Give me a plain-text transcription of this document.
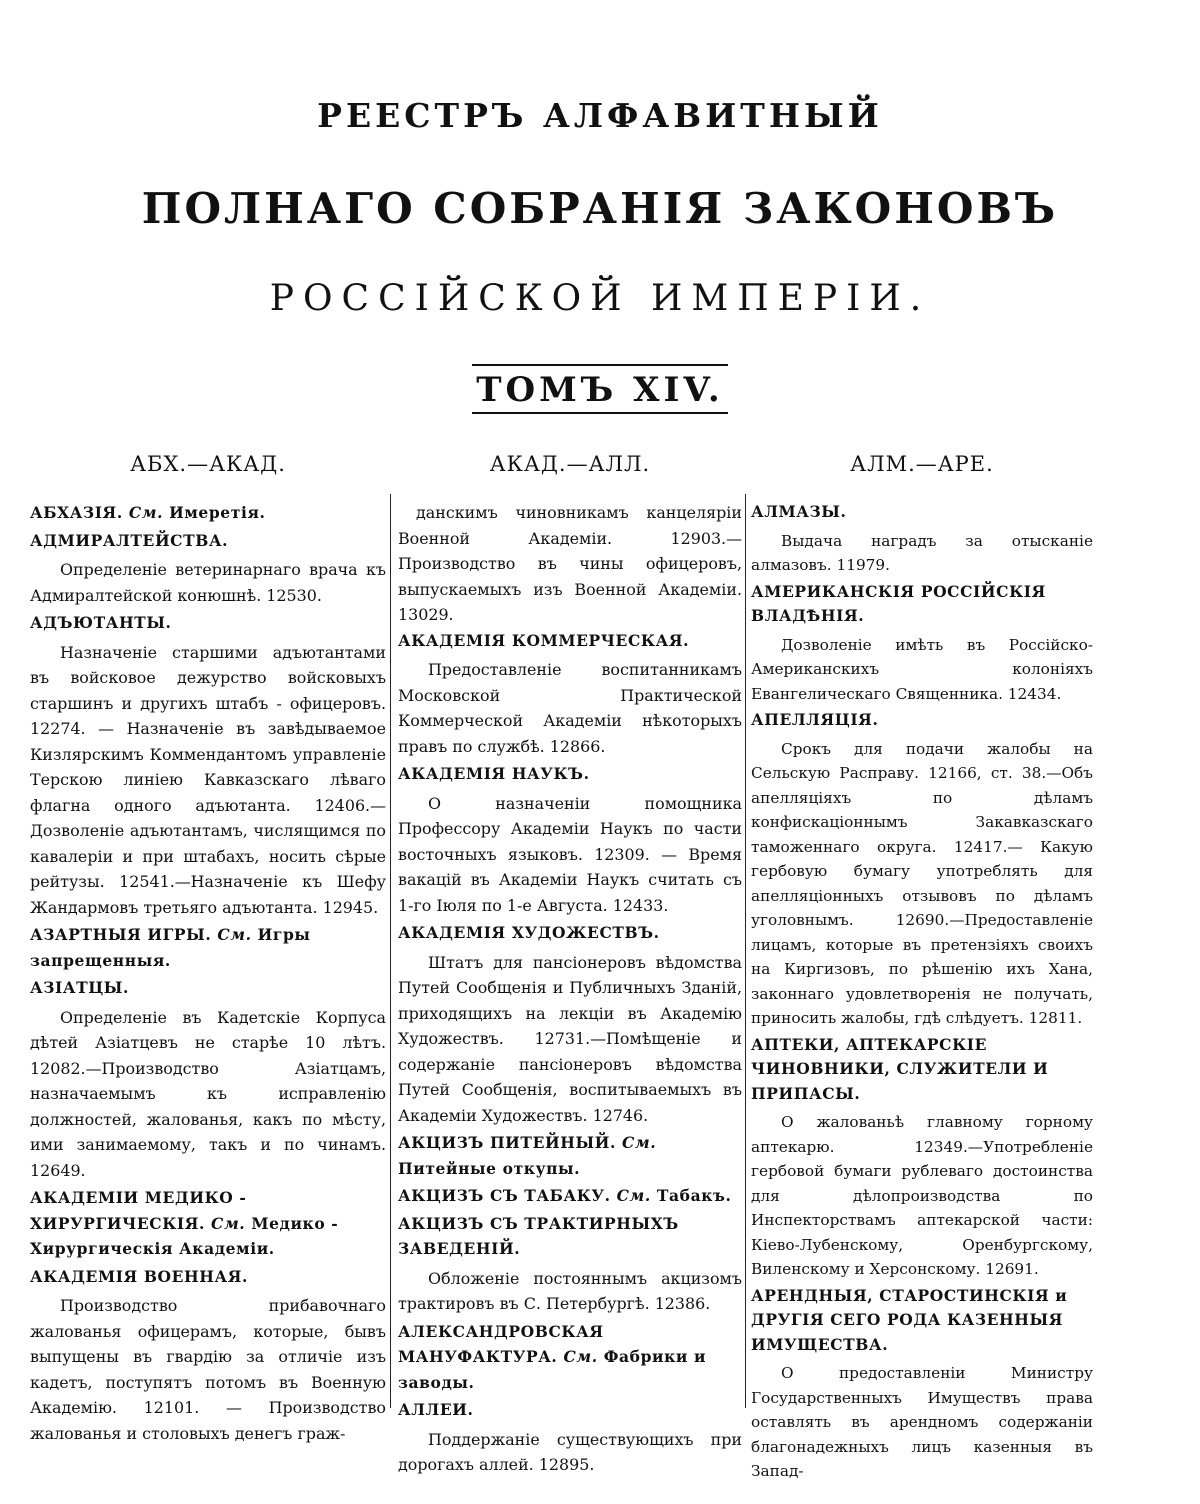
РЕЕСТРЪ АЛФАВИТНЫЙ
ПОЛНАГО СОБРАНIЯ ЗАКОНОВЪ
РОССIЙСКОЙ ИМПЕРIИ.
ТОМЪ XIV.
АБХ.—АКАД.	АКАД.—АЛЛ.	АЛМ.—АРЕ.
АБХАЗIЯ. См. Имеретiя.
АДМИРАЛТЕЙСТВА.
Определенiе ветеринарнаго врача къ Адмиралтейской конюшнѣ. 12530.
АДЪЮТАНТЫ.
Назначенiе старшими адъютантами въ войсковое дежурство войсковыхъ старшинъ и другихъ штабъ - офицеровъ. 12274. — Назначенiе въ завѣдываемое Кизлярскимъ Коммендантомъ управленiе Терскою линiею Кавказскаго лѣваго флагна одного адъютанта. 12406.—Дозволенiе адъютантамъ, числящимся по кавалерiи и при штабахъ, носить сѣрые рейтузы. 12541.—Назначенiе къ Шефу Жандармовъ третьяго адъютанта. 12945.
АЗАРТНЫЯ ИГРЫ. См. Игры запрещенныя.
АЗIАТЦЫ.
Определенiе въ Кадетскiе Корпуса дѣтей Азiатцевъ не старѣе 10 лѣтъ. 12082.—Производство Азiатцамъ, назначаемымъ къ исправленiю должностей, жалованья, какъ по мѣсту, ими занимаемому, такъ и по чинамъ. 12649.
АКАДЕМIИ МЕДИКО - ХИРУРГИЧЕСКIЯ. См. Медико - Хирургическiя Академiи.
АКАДЕМIЯ ВОЕННАЯ.
Производство прибавочнаго жалованья офицерамъ, которые, бывъ выпущены въ гвардiю за отличiе изъ кадетъ, поступятъ потомъ въ Военную Академiю. 12101. — Производство жалованья и столовыхъ денегъ граж-
данскимъ чиновникамъ канцелярiи Военной Академiи. 12903.—Производство въ чины офицеровъ, выпускаемыхъ изъ Военной Академiи. 13029.
АКАДЕМIЯ КОММЕРЧЕСКАЯ.
Предоставленiе воспитанникамъ Московской Практической Коммерческой Академiи нѣкоторыхъ правъ по службѣ. 12866.
АКАДЕМIЯ НАУКЪ.
О назначенiи помощника Профессору Академiи Наукъ по части восточныхъ языковъ. 12309. — Время вакацiй въ Академiи Наукъ считать съ 1-го Iюля по 1-е Августа. 12433.
АКАДЕМIЯ ХУДОЖЕСТВЪ.
Штатъ для пансiонеровъ вѣдомства Путей Сообщенiя и Публичныхъ Зданiй, приходящихъ на лекцiи въ Академiю Художествъ. 12731.—Помѣщенiе и содержанiе пансiонеровъ вѣдомства Путей Сообщенiя, воспитываемыхъ въ Академiи Художествъ. 12746.
АКЦИЗЪ ПИТЕЙНЫЙ. См. Питейные откупы.
АКЦИЗЪ СЪ ТАБАКУ. См. Табакъ.
АКЦИЗЪ СЪ ТРАКТИРНЫХЪ ЗАВЕДЕНIЙ.
Обложенiе постояннымъ акцизомъ трактировъ въ С. Петербургѣ. 12386.
АЛЕКСАНДРОВСКАЯ МАНУФАКТУРА. См. Фабрики и заводы.
АЛЛЕИ.
Поддержанiе существующихъ при дорогахъ аллей. 12895.
АЛМАЗЫ.
Выдача наградъ за отысканiе алмазовъ. 11979.
АМЕРИКАНСКIЯ РОССIЙСКIЯ ВЛАДѢНIЯ.
Дозволенiе имѣть въ Россiйско-Американскихъ колонiяхъ Евангелическаго Священника. 12434.
АПЕЛЛЯЦIЯ.
Срокъ для подачи жалобы на Сельскую Расправу. 12166, ст. 38.—Объ апелляцiяхъ по дѣламъ конфискацiоннымъ Закавказскаго таможеннаго округа. 12417.— Какую гербовую бумагу употреблять для апелляцiонныхъ отзывовъ по дѣламъ уголовнымъ. 12690.—Предоставленiе лицамъ, которые въ претензiяхъ своихъ на Киргизовъ, по рѣшенiю ихъ Хана, законнаго удовлетворенiя не получать, приносить жалобы, гдѣ слѣдуетъ. 12811.
АПТЕКИ, АПТЕКАРСКIЕ ЧИНОВНИКИ, СЛУЖИТЕЛИ И ПРИПАСЫ.
О жалованьѣ главному горному аптекарю. 12349.—Употребленiе гербовой бумаги рублеваго достоинства для дѣлопроизводства по Инспекторствамъ аптекарской части: Кiево-Лубенскому, Оренбургскому, Виленскому и Херсонскому. 12691.
АРЕНДНЫЯ, СТАРОСТИНСКIЯ и ДРУГIЯ СЕГО РОДА КАЗЕННЫЯ ИМУЩЕСТВА.
О предоставленiи Министру Государственныхъ Имуществъ права оставлять въ арендномъ содержанiи благонадежныхъ лицъ казенныя въ Запад-
